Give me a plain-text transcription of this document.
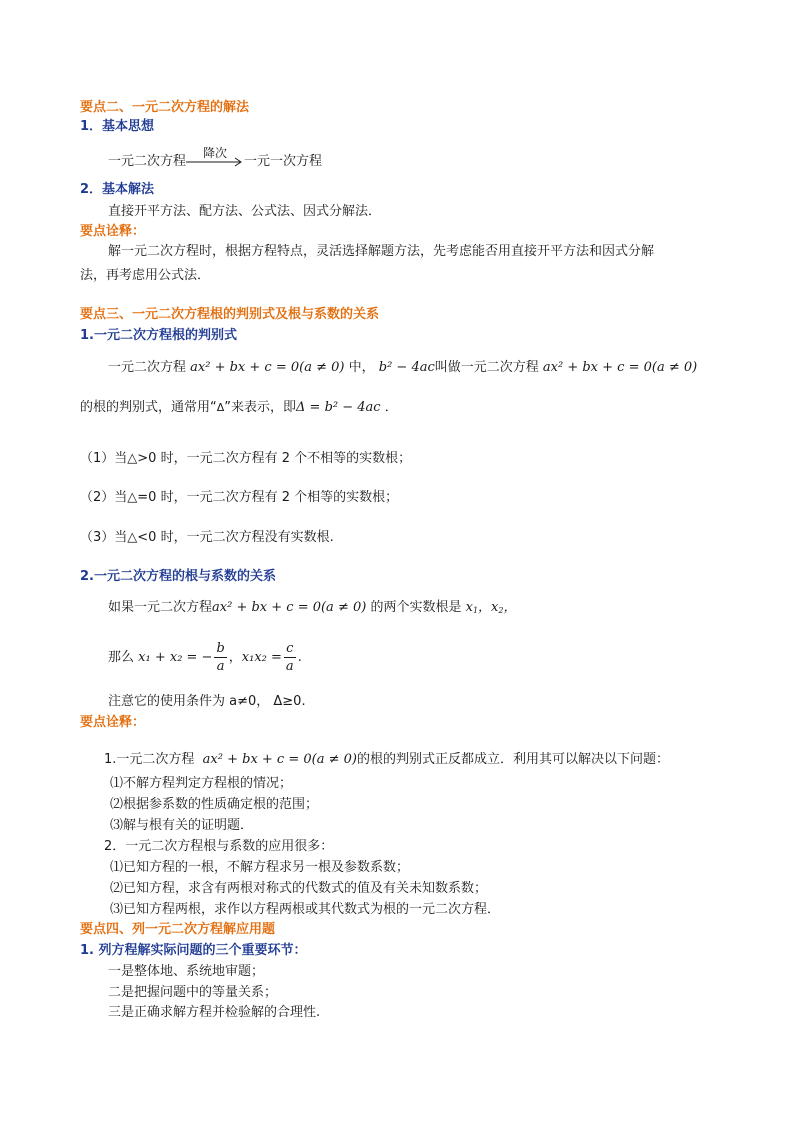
要点二、一元二次方程的解法
1．基本思想
一元二次方程
降次
一元一次方程
2．基本解法
直接开平方法、配方法、公式法、因式分解法．
要点诠释：
解一元二次方程时，根据方程特点，灵活选择解题方法，先考虑能否用直接开平方法和因式分解
法，再考虑用公式法．
要点三、一元二次方程根的判别式及根与系数的关系
1.一元二次方程根的判别式
一元二次方程 ax² + bx + c = 0(a ≠ 0) 中， b² − 4ac叫做一元二次方程 ax² + bx + c = 0(a ≠ 0)
的根的判别式，通常用“Δ”来表示，即Δ = b² − 4ac ．
（1）当△>0 时，一元二次方程有 2 个不相等的实数根；
（2）当△=0 时，一元二次方程有 2 个相等的实数根；
（3）当△<0 时，一元二次方程没有实数根.
2.一元二次方程的根与系数的关系
如果一元二次方程ax² + bx + c = 0(a ≠ 0) 的两个实数根是 $x_1$，$x_2$，
那么 x₁ + x₂ = − $\frac{b}{a}$ ，$x_1x_2 = \frac{c}{a}$ .
注意它的使用条件为 a≠0， Δ≥0.
要点诠释：
1.一元二次方程 ax² + bx + c = 0(a ≠ 0)的根的判别式正反都成立．利用其可以解决以下问题：
⑴不解方程判定方程根的情况；
⑵根据参系数的性质确定根的范围；
⑶解与根有关的证明题．
2．一元二次方程根与系数的应用很多：
⑴已知方程的一根，不解方程求另一根及参数系数；
⑵已知方程，求含有两根对称式的代数式的值及有关未知数系数；
⑶已知方程两根，求作以方程两根或其代数式为根的一元二次方程．
要点四、列一元二次方程解应用题
1. 列方程解实际问题的三个重要环节：
一是整体地、系统地审题；
二是把握问题中的等量关系；
三是正确求解方程并检验解的合理性.
